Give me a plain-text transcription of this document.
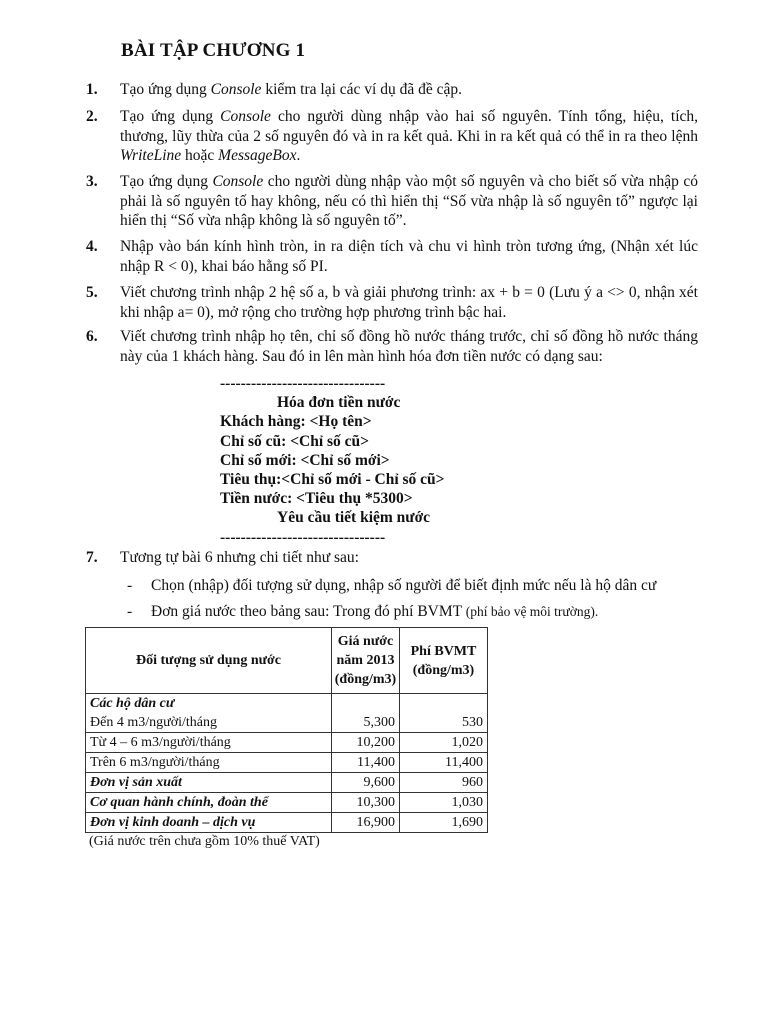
BÀI TẬP CHƯƠNG 1
1. Tạo ứng dụng Console kiểm tra lại các ví dụ đã đề cập.
2. Tạo ứng dụng Console cho người dùng nhập vào hai số nguyên. Tính tổng, hiệu, tích, thương, lũy thừa của 2 số nguyên đó và in ra kết quả. Khi in ra kết quả có thể in ra theo lệnh WriteLine hoặc MessageBox.
3. Tạo ứng dụng Console cho người dùng nhập vào một số nguyên và cho biết số vừa nhập có phải là số nguyên tố hay không, nếu có thì hiển thị “Số vừa nhập là số nguyên tố” ngược lại hiển thị “Số vừa nhập không là số nguyên tố”.
4. Nhập vào bán kính hình tròn, in ra diện tích và chu vi hình tròn tương ứng, (Nhận xét lúc nhập R < 0), khai báo hằng số PI.
5. Viết chương trình nhập 2 hệ số a, b và giải phương trình: ax + b = 0 (Lưu ý a <> 0, nhận xét khi nhập a= 0), mở rộng cho trường hợp phương trình bậc hai.
6. Viết chương trình nhập họ tên, chỉ số đồng hồ nước tháng trước, chỉ số đồng hồ nước tháng này của 1 khách hàng. Sau đó in lên màn hình hóa đơn tiền nước có dạng sau:
--------------------------------
Hóa đơn tiền nước
Khách hàng: <Họ tên>
Chỉ số cũ: <Chỉ số cũ>
Chỉ số mới: <Chỉ số mới>
Tiêu thụ:<Chỉ số mới - Chỉ số cũ>
Tiền nước: <Tiêu thụ *5300>
Yêu cầu tiết kiệm nước
--------------------------------
7. Tương tự bài 6 nhưng chi tiết như sau:
- Chọn (nhập) đối tượng sử dụng, nhập số người để biết định mức nếu là hộ dân cư
- Đơn giá nước theo bảng sau: Trong đó phí BVMT (phí bảo vệ môi trường).
Đối tượng sử dụng nước	Giá nước năm 2013 (đồng/m3)	Phí BVMT (đồng/m3)

Các hộ dân cư
Đến 4 m3/người/tháng	5,300	530
Từ 4 – 6 m3/người/tháng	10,200	1,020
Trên 6 m3/người/tháng	11,400	11,400
Đơn vị sản xuất	9,600	960
Cơ quan hành chính, đoàn thể	10,300	1,030
Đơn vị kinh doanh – dịch vụ	16,900	1,690
(Giá nước trên chưa gồm 10% thuế VAT)
